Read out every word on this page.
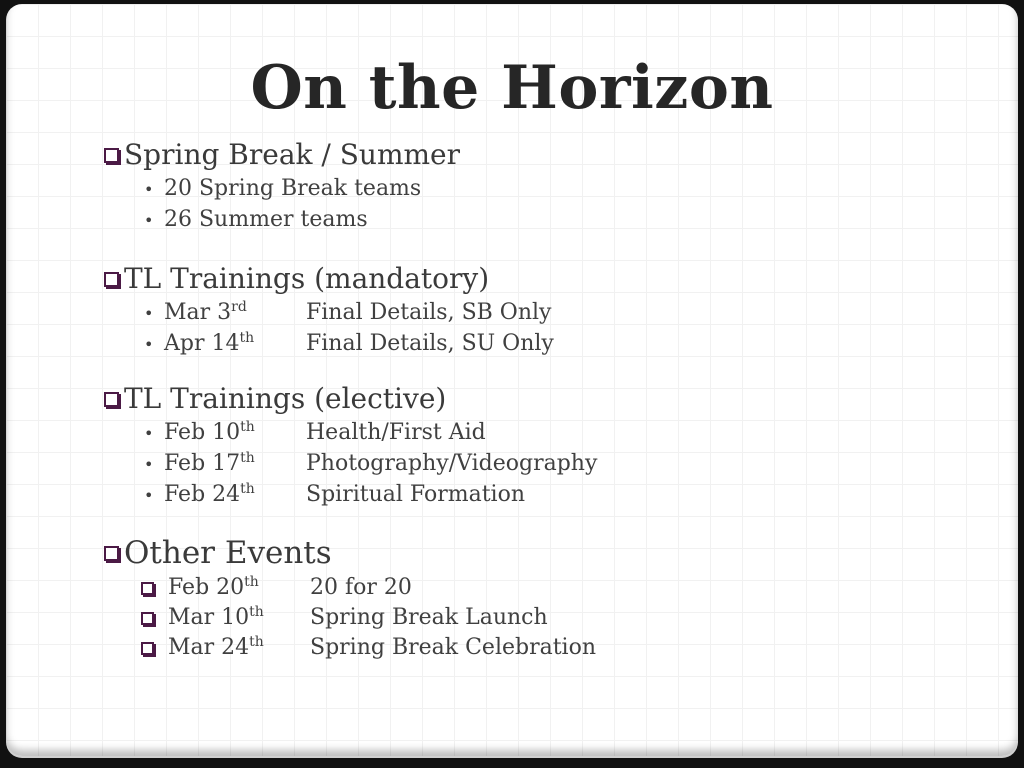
On the Horizon
Spring Break / Summer
• 20 Spring Break teams
• 26 Summer teams
TL Trainings (mandatory)
• Mar 3rd	Final Details, SB Only
• Apr 14th	Final Details, SU Only
TL Trainings (elective)
• Feb 10th	Health/First Aid
• Feb 17th	Photography/Videography
• Feb 24th	Spiritual Formation
Other Events
Feb 20th	20 for 20
Mar 10th	Spring Break Launch
Mar 24th	Spring Break Celebration
